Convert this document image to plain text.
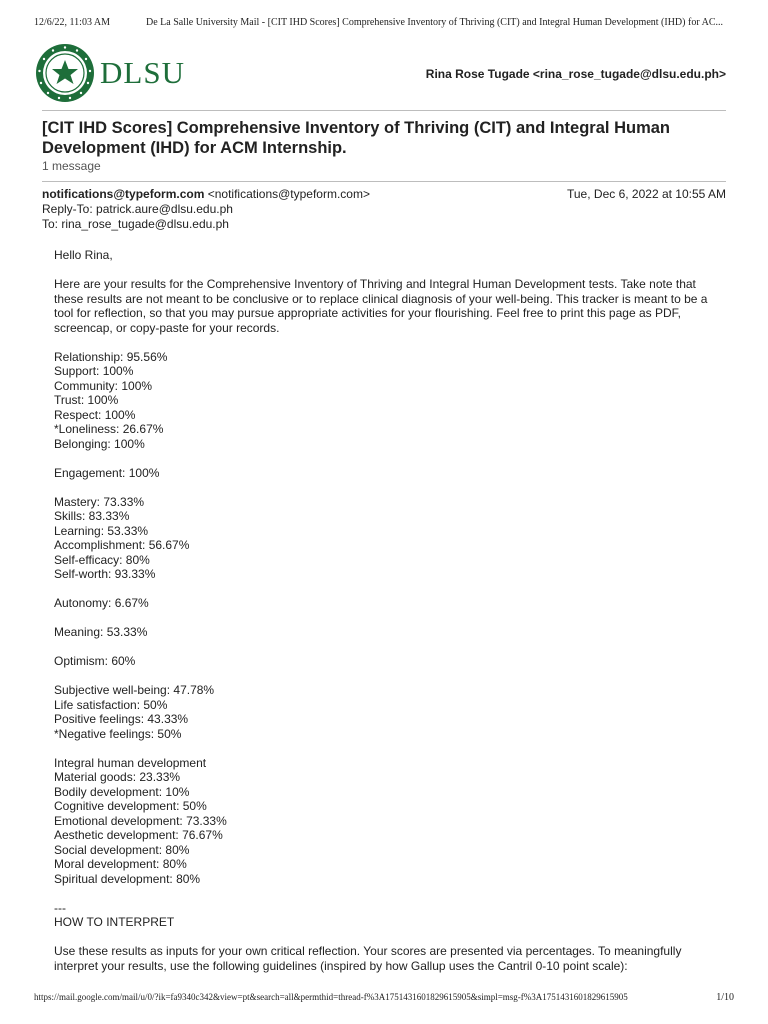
12/6/22, 11:03 AM	De La Salle University Mail - [CIT IHD Scores] Comprehensive Inventory of Thriving (CIT) and Integral Human Development (IHD) for AC...
DLSU	Rina Rose Tugade <rina_rose_tugade@dlsu.edu.ph>
[CIT IHD Scores] Comprehensive Inventory of Thriving (CIT) and Integral Human Development (IHD) for ACM Internship.
1 message
notifications@typeform.com <notifications@typeform.com>	Tue, Dec 6, 2022 at 10:55 AM
Reply-To: patrick.aure@dlsu.edu.ph
To: rina_rose_tugade@dlsu.edu.ph

Hello Rina,

Here are your results for the Comprehensive Inventory of Thriving and Integral Human Development tests. Take note that these results are not meant to be conclusive or to replace clinical diagnosis of your well-being. This tracker is meant to be a tool for reflection, so that you may pursue appropriate activities for your flourishing. Feel free to print this page as PDF, screencap, or copy-paste for your records.

Relationship: 95.56%
Support: 100%
Community: 100%
Trust: 100%
Respect: 100%
*Loneliness: 26.67%
Belonging: 100%
Engagement: 100%
Mastery: 73.33%
Skills: 83.33%
Learning: 53.33%
Accomplishment: 56.67%
Self-efficacy: 80%
Self-worth: 93.33%
Autonomy: 6.67%
Meaning: 53.33%
Optimism: 60%
Subjective well-being: 47.78%
Life satisfaction: 50%
Positive feelings: 43.33%
*Negative feelings: 50%
Integral human development
Material goods: 23.33%
Bodily development: 10%
Cognitive development: 50%
Emotional development: 73.33%
Aesthetic development: 76.67%
Social development: 80%
Moral development: 80%
Spiritual development: 80%
---
HOW TO INTERPRET

Use these results as inputs for your own critical reflection. Your scores are presented via percentages. To meaningfully interpret your results, use the following guidelines (inspired by how Gallup uses the Cantril 0-10 point scale):

https://mail.google.com/mail/u/0/?ik=fa9340c342&view=pt&search=all&permthid=thread-f%3A1751431601829615905&simpl=msg-f%3A1751431601829615905	1/10
